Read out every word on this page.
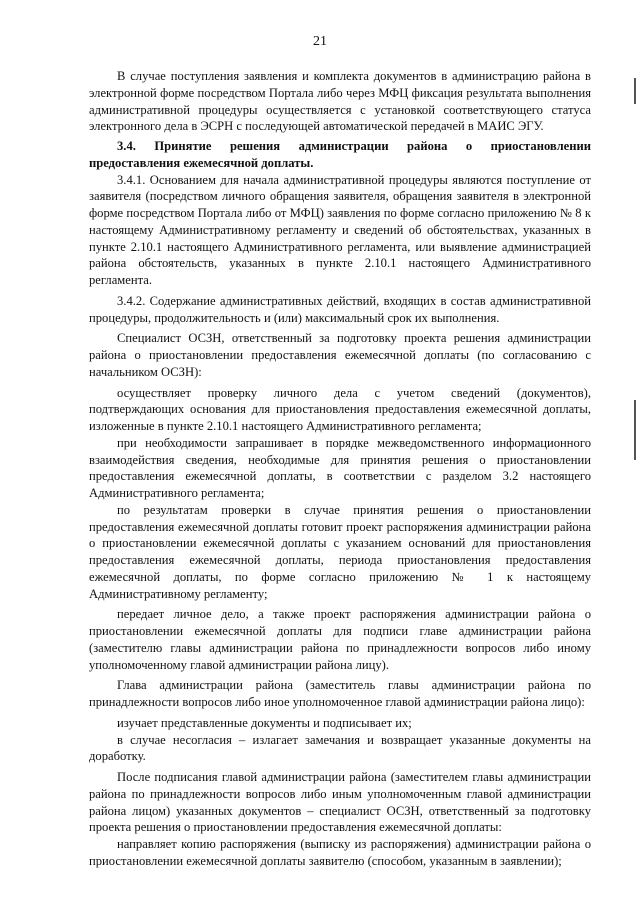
21

В случае поступления заявления и комплекта документов в администрацию района в электронной форме посредством Портала либо через МФЦ фиксация результата выполнения административной процедуры осуществляется с установкой соответствующего статуса электронного дела в ЭСРН с последующей автоматической передачей в МАИС ЭГУ.

3.4. Принятие решения администрации района о приостановлении предоставления ежемесячной доплаты.

3.4.1. Основанием для начала административной процедуры являются поступление от заявителя (посредством личного обращения заявителя, обращения заявителя в электронной форме посредством Портала либо от МФЦ) заявления по форме согласно приложению № 8 к настоящему Административному регламенту и сведений об обстоятельствах, указанных в пункте 2.10.1 настоящего Административного регламента, или выявление администрацией района обстоятельств, указанных в пункте 2.10.1 настоящего Административного регламента.

3.4.2. Содержание административных действий, входящих в состав административной процедуры, продолжительность и (или) максимальный срок их выполнения.

Специалист ОСЗН, ответственный за подготовку проекта решения администрации района о приостановлении предоставления ежемесячной доплаты (по согласованию с начальником ОСЗН):

осуществляет проверку личного дела с учетом сведений (документов), подтверждающих основания для приостановления предоставления ежемесячной доплаты, изложенные в пункте 2.10.1 настоящего Административного регламента;

при необходимости запрашивает в порядке межведомственного информационного взаимодействия сведения, необходимые для принятия решения о приостановлении предоставления ежемесячной доплаты, в соответствии с разделом 3.2 настоящего Административного регламента;

по результатам проверки в случае принятия решения о приостановлении предоставления ежемесячной доплаты готовит проект распоряжения администрации района о приостановлении ежемесячной доплаты с указанием оснований для приостановления предоставления ежемесячной доплаты, периода приостановления предоставления ежемесячной доплаты, по форме согласно приложению № 1 к настоящему Административному регламенту;

передает личное дело, а также проект распоряжения администрации района о приостановлении ежемесячной доплаты для подписи главе администрации района (заместителю главы администрации района по принадлежности вопросов либо иному уполномоченному главой администрации района лицу).

Глава администрации района (заместитель главы администрации района по принадлежности вопросов либо иное уполномоченное главой администрации района лицо):

изучает представленные документы и подписывает их;

в случае несогласия – излагает замечания и возвращает указанные документы на доработку.

После подписания главой администрации района (заместителем главы администрации района по принадлежности вопросов либо иным уполномоченным главой администрации района лицом) указанных документов – специалист ОСЗН, ответственный за подготовку проекта решения о приостановлении предоставления ежемесячной доплаты:

направляет копию распоряжения (выписку из распоряжения) администрации района о приостановлении ежемесячной доплаты заявителю (способом, указанным в заявлении);
